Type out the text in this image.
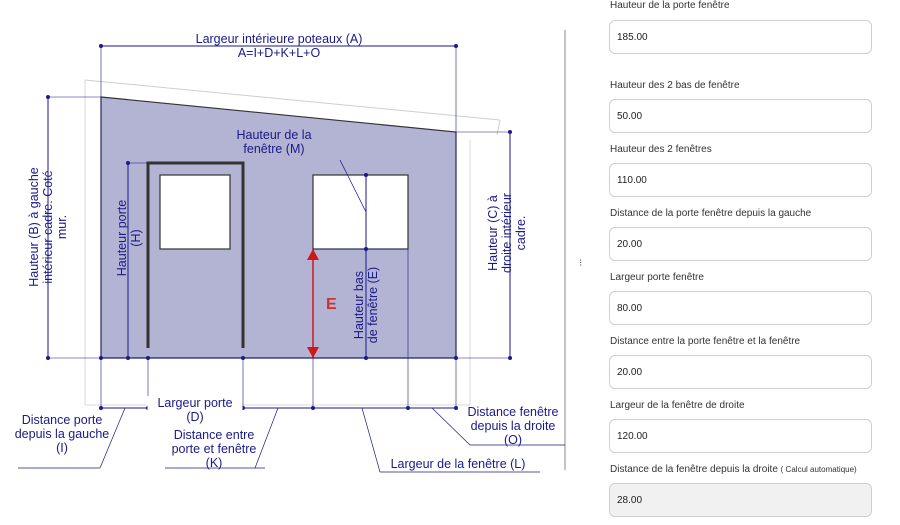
Largeur intérieure poteaux (A)
A=I+D+K+L+O
Hauteur (B) à gauche intérieur cadre. Coté mur.	Hauteur (C) à droite intérieur cadre.
Hauteur porte (H)
Hauteur bas de fenêtre (E)
Hauteur de la fenêtre (M)
E
Largeur porte (D)
Distance porte depuis la gauche (I)
Distance entre porte et fenêtre (K)	Largeur de la fenêtre (L)
Distance fenêtre depuis la droite (O)
⁝
Hauteur de la porte fenêtre
185.00
Hauteur des 2 bas de fenêtre
50.00
Hauteur des 2 fenêtres
110.00
Distance de la porte fenêtre depuis la gauche
20.00
Largeur porte fenêtre
80.00
Distance entre la porte fenêtre et la fenêtre
20.00
Largeur de la fenêtre de droite
120.00
Distance de la fenêtre depuis la droite ( Calcul automatique)
28.00
